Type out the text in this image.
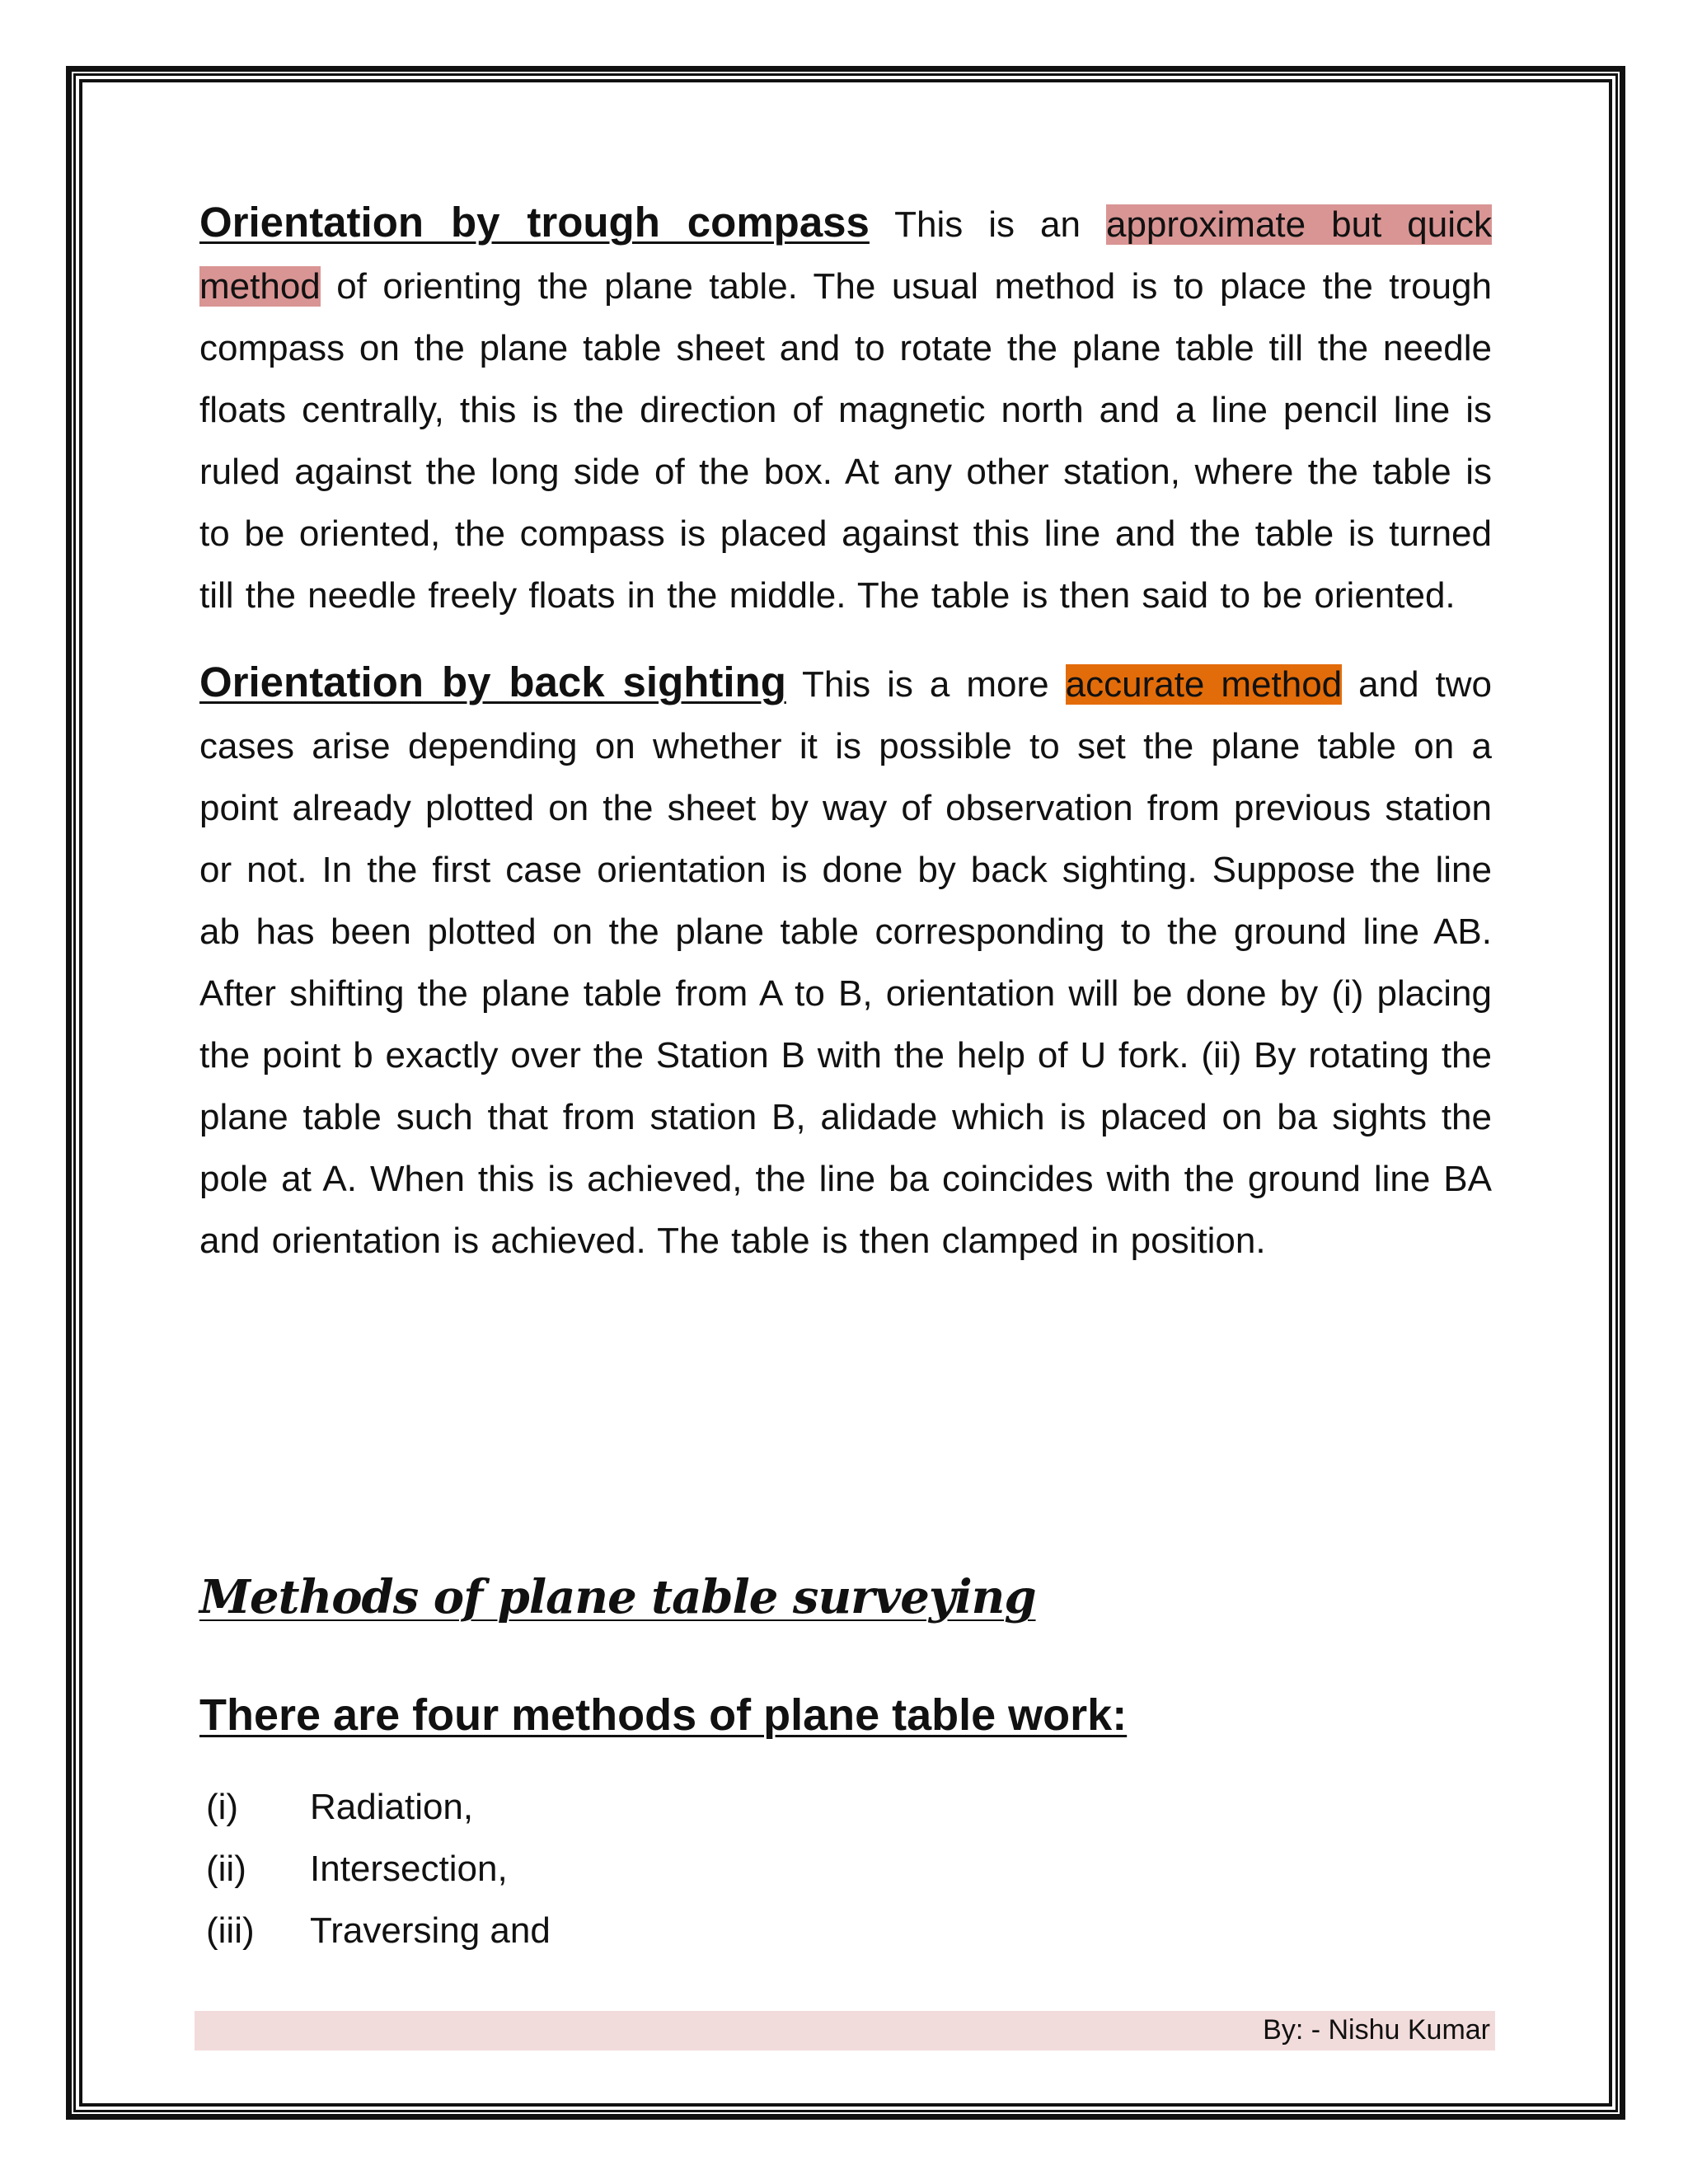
Orientation by trough compass This is an approximate but quick method of orienting the plane table. The usual method is to place the trough compass on the plane table sheet and to rotate the plane table till the needle floats centrally, this is the direction of magnetic north and a line pencil line is ruled against the long side of the box. At any other station, where the table is to be oriented, the compass is placed against this line and the table is turned till the needle freely floats in the middle. The table is then said to be oriented.

Orientation by back sighting This is a more accurate method and two cases arise depending on whether it is possible to set the plane table on a point already plotted on the sheet by way of observation from previous station or not. In the first case orientation is done by back sighting. Suppose the line ab has been plotted on the plane table corresponding to the ground line AB. After shifting the plane table from A to B, orientation will be done by (i) placing the point b exactly over the Station B with the help of U fork. (ii) By rotating the plane table such that from station B, alidade which is placed on ba sights the pole at A. When this is achieved, the line ba coincides with the ground line BA and orientation is achieved. The table is then clamped in position.

Methods of plane table surveying
There are four methods of plane table work:
(i)	Radiation,
(ii)	Intersection,
(iii)	Traversing and
By: - Nishu Kumar
